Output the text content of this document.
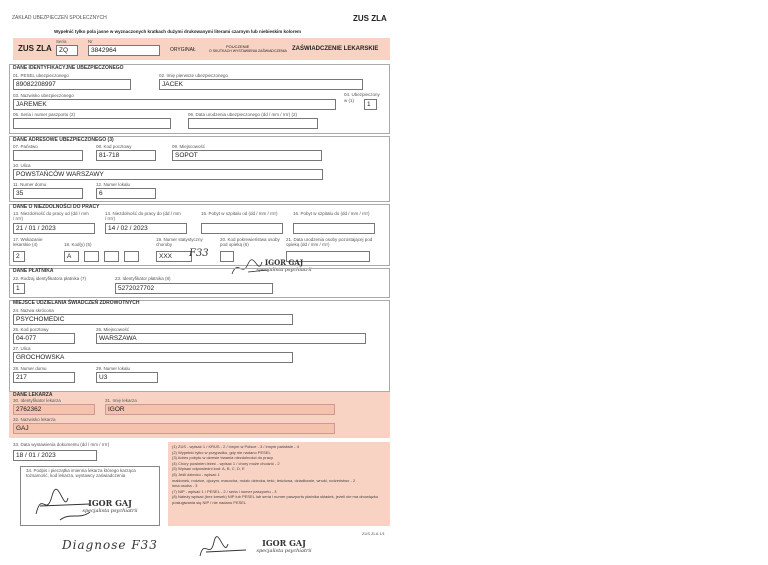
ZAKŁAD UBEZPIECZEŃ SPOŁECZNYCH	ZUS ZLA
Wypełnić tylko pola jasne w wyznaczonych kratkach dużymi drukowanymi literami czarnym lub niebieskim kolorem
ZUS ZLA
Seria
ZQ
Nr
3842964	ORYGINAŁ
POUCZENIE
O SKUTKACH WYSTAWIENIA ZAŚWIADCZENIA ZAŚWIADCZENIE LEKARSKIE
DANE IDENTYFIKACYJNE UBEZPIECZONEGO
01. PESEL ubezpieczonego
89082208997
02. Imię pierwsze ubezpieczonego
JACEK
03. Nazwisko ubezpieczonego
JAREMEK
04. Ubezpieczony
w (1)
1
05. Seria i numer paszportu (2)	06. Data urodzenia ubezpieczonego (dd / mm / rrrr) (2)
DANE ADRESOWE UBEZPIECZONEGO (3)
07. Państwo	08. Kod pocztowy
81-718
09. Miejscowość
SOPOT
10. Ulica
POWSTAŃCÓW WARSZAWY
11. Numer domu
35
12. Numer lokalu
6
DANE O NIEZDOLNOŚCI DO PRACY
13. Niezdolność do pracy od (dd / mm / rrrr)
21 / 01 / 2023
14. Niezdolność do pracy do (dd / mm / rrrr)
14 / 02 / 2023
15. Pobyt w szpitalu od (dd / mm / rrrr)	16. Pobyt w szpitalu do (dd / mm / rrrr)
17. Wskazanie lekarskie (4)
2
18. Kod(y) (5)
A
19. Numer statystyczny choroby
XXX	F33
20. Kod pokrewieństwa osoby pod opieką (6)
21. Data urodzenia osoby pozostającej pod opieką (dd / mm / rrrr)
IGOR GAJ
specjalista psychiatrii
DANE PŁATNIKA
22. Rodzaj identyfikatora płatnika (7)
1
23. Identyfikator płatnika (8)
5272027702
MIEJSCE UDZIELANIA ŚWIADCZEŃ ZDROWOTNYCH
24. Nazwa skrócona
PSYCHOMEDIC
25. Kod pocztowy
04-077
26. Miejscowość
WARSZAWA
27. Ulica
GROCHOWSKA
28. Numer domu
217
29. Numer lokalu
U3
DANE LEKARZA
30. Identyfikator lekarza
2762362
31. Imię lekarza
IGOR
32. Nazwisko lekarza
GAJ
33. Data wystawienia dokumentu (dd / mm / rrrr)
18 / 01 / 2023
(1) ZUS - wpisać 1 / KRUS - 2 / innym w Polsce - 3 / innym państwie - 4
(2) Wypełnić tylko w przypadku, gdy nie nadano PESEL
(3) Adres pobytu w okresie trwania niezdolności do pracy
(4) Chory powinien leżeć - wpisać 1 / chory może chodzić - 2
(5) Wpisać odpowiedni kod: A, B, C, D, E
(6) Jeśli dziecko - wpisać 1
małżonek, rodzice, ojczym, macocha, rodzic dziecka, teść, teściowa, dziadkowie, wnuki, rodzeństwo - 2
inna osoba - 3
(7) NIP - wpisać 1 / PESEL - 2 / seria i numer paszportu - 3
(8) Należy wpisać (bez kresek) NIP lub PESEL lub seria i numer paszportu płatnika składek, jeżeli nie ma obowiązku posługiwania się NIP / nie nadano PESEL
34. Podpis i pieczątka imienna lekarza którego karząca tożsamość, kod lekarza, wystawcy zaświadczenia
IGOR GAJ
specjalista psychiatrii
ZUS ZLA 1/1
Diagnose F33	IGOR GAJ
specjalista psychiatrii
